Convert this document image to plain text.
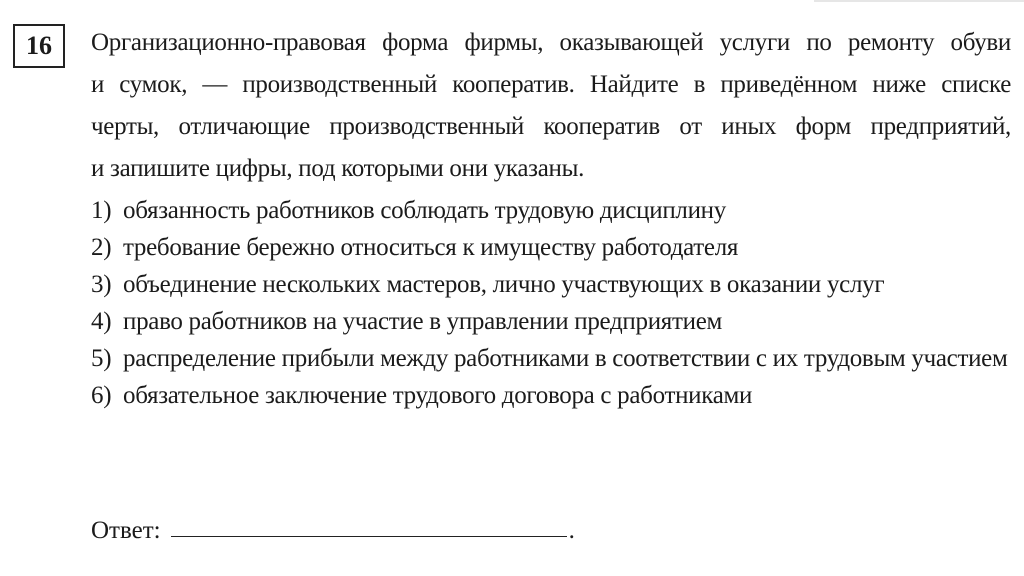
16 Организационно-правовая форма фирмы, оказывающей услуги по ремонту обуви
и сумок, — производственный кооператив. Найдите в приведённом ниже списке
черты, отличающие производственный кооператив от иных форм предприятий,
и запишите цифры, под которыми они указаны.
1) обязанность работников соблюдать трудовую дисциплину
2) требование бережно относиться к имуществу работодателя
3) объединение нескольких мастеров, лично участвующих в оказании услуг
4) право работников на участие в управлении предприятием
5) распределение прибыли между работниками в соответствии с их трудовым участием
6) обязательное заключение трудового договора с работниками
Ответ:	.
